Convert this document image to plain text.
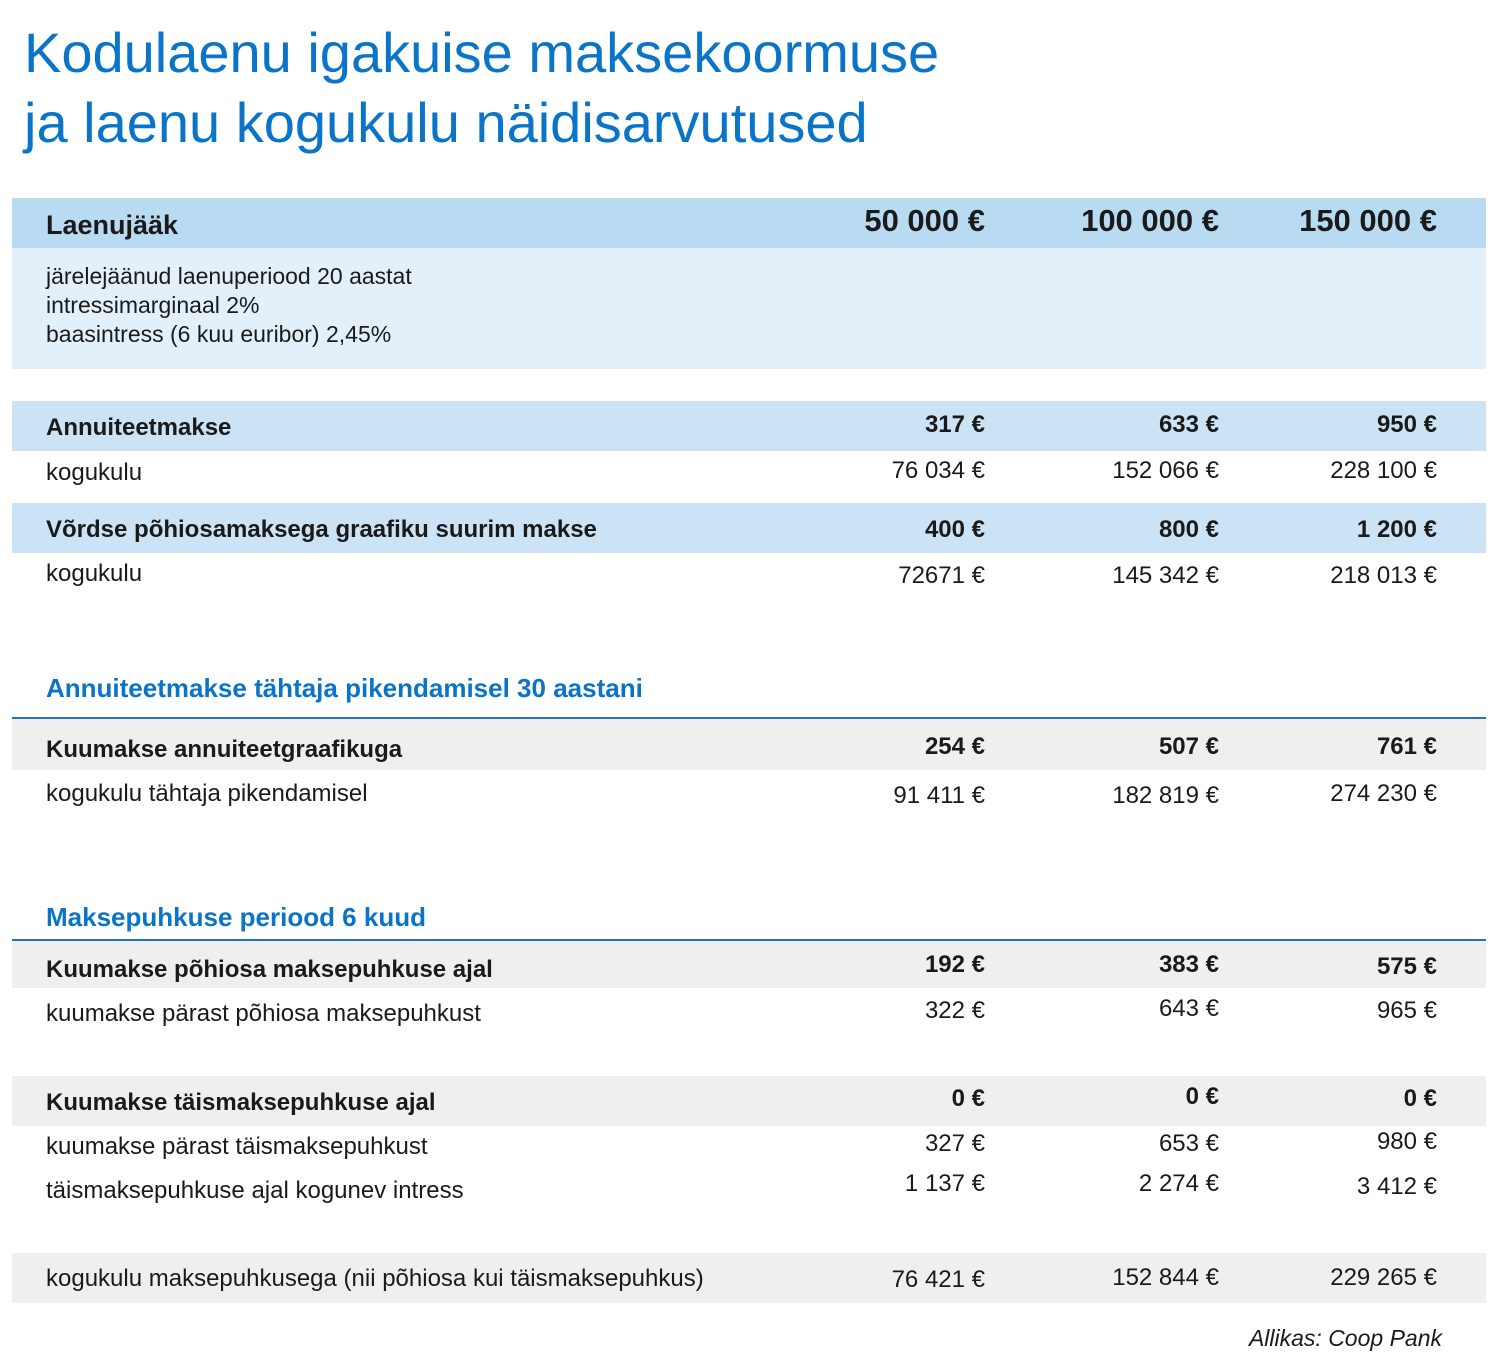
Kodulaenu igakuise maksekoormuse
ja laenu kogukulu näidisarvutused
Laenujääk	50 000 €	100 000 €	150 000 €
järelejäänud laenuperiood 20 aastat
intressimarginaal 2%
baasintress (6 kuu euribor) 2,45%
Annuiteetmakse	317 €	633 €	950 €
kogukulu	76 034 €	152 066 €	228 100 €
Võrdse põhiosamaksega graafiku suurim makse	400 €	800 €	1 200 €
kogukulu	72671 €	145 342 €	218 013 €
Annuiteetmakse tähtaja pikendamisel 30 aastani
Kuumakse annuiteetgraafikuga	254 €	507 €	761 €
kogukulu tähtaja pikendamisel	91 411 €	182 819 €	274 230 €
Maksepuhkuse periood 6 kuud
Kuumakse põhiosa maksepuhkuse ajal	192 €	383 €	575 €
kuumakse pärast põhiosa maksepuhkust	322 €	643 €	965 €
Kuumakse täismaksepuhkuse ajal	0 €	0 €	0 €
kuumakse pärast täismaksepuhkust	327 €	653 €	980 €
täismaksepuhkuse ajal kogunev intress	1 137 €	2 274 €	3 412 €
kogukulu maksepuhkusega (nii põhiosa kui täismaksepuhkus)	76 421 €	152 844 €	229 265 €
Allikas: Coop Pank
